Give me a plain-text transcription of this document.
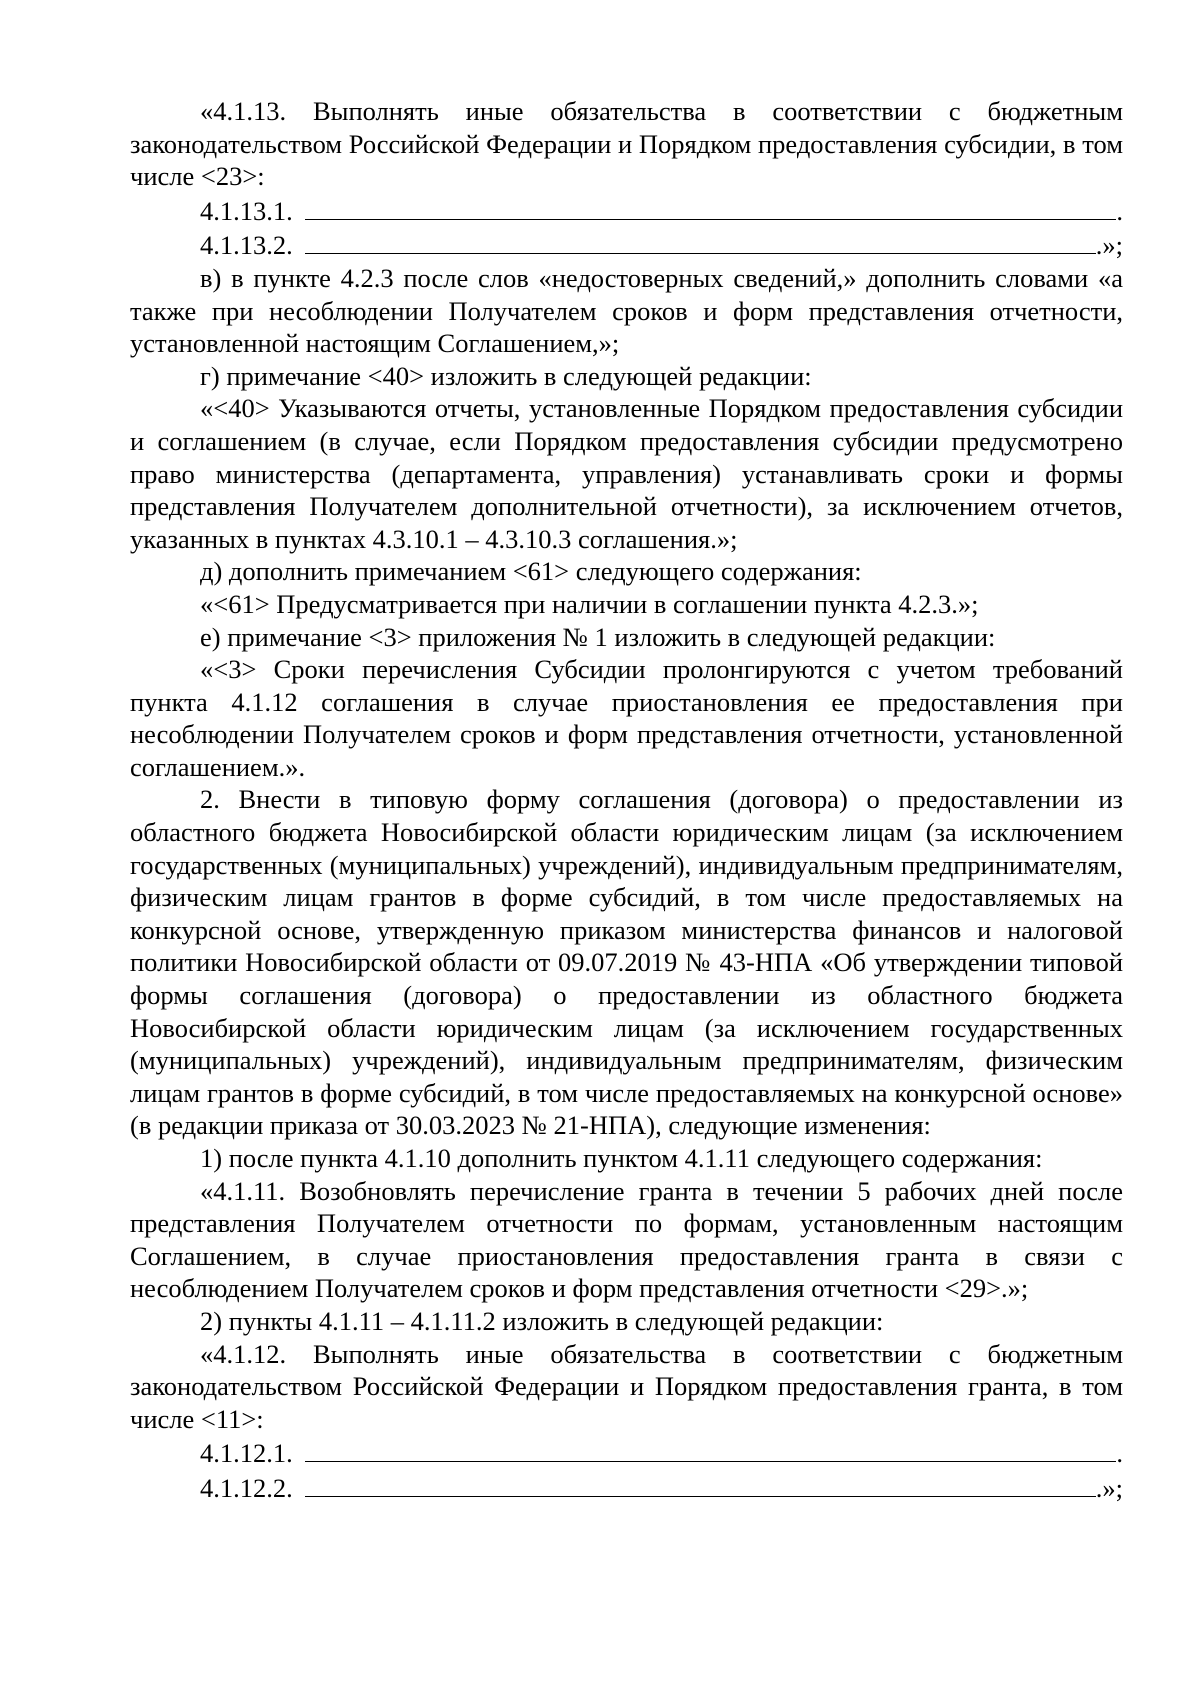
«4.1.13. Выполнять иные обязательства в соответствии с бюджетным законодательством Российской Федерации и Порядком предоставления субсидии, в том числе <23>:

4.1.13.1.	.
4.1.13.2.	.»;

в) в пункте 4.2.3 после слов «недостоверных сведений,» дополнить словами «а также при несоблюдении Получателем сроков и форм представления отчетности, установленной настоящим Соглашением,»;

г) примечание <40> изложить в следующей редакции:

«<40> Указываются отчеты, установленные Порядком предоставления субсидии и соглашением (в случае, если Порядком предоставления субсидии предусмотрено право министерства (департамента, управления) устанавливать сроки и формы представления Получателем дополнительной отчетности), за исключением отчетов, указанных в пунктах 4.3.10.1 – 4.3.10.3 соглашения.»;

д) дополнить примечанием <61> следующего содержания:

«<61> Предусматривается при наличии в соглашении пункта 4.2.3.»;

е) примечание <3> приложения № 1 изложить в следующей редакции:

«<3> Сроки перечисления Субсидии пролонгируются с учетом требований пункта 4.1.12 соглашения в случае приостановления ее предоставления при несоблюдении Получателем сроков и форм представления отчетности, установленной соглашением.».

2. Внести в типовую форму соглашения (договора) о предоставлении из областного бюджета Новосибирской области юридическим лицам (за исключением государственных (муниципальных) учреждений), индивидуальным предпринимателям, физическим лицам грантов в форме субсидий, в том числе предоставляемых на конкурсной основе, утвержденную приказом министерства финансов и налоговой политики Новосибирской области от 09.07.2019 № 43-НПА «Об утверждении типовой формы соглашения (договора) о предоставлении из областного бюджета Новосибирской области юридическим лицам (за исключением государственных (муниципальных) учреждений), индивидуальным предпринимателям, физическим лицам грантов в форме субсидий, в том числе предоставляемых на конкурсной основе» (в редакции приказа от 30.03.2023 № 21-НПА), следующие изменения:

1) после пункта 4.1.10 дополнить пунктом 4.1.11 следующего содержания:

«4.1.11. Возобновлять перечисление гранта в течении 5 рабочих дней после представления Получателем отчетности по формам, установленным настоящим Соглашением, в случае приостановления предоставления гранта в связи с несоблюдением Получателем сроков и форм представления отчетности <29>.»;

2) пункты 4.1.11 – 4.1.11.2 изложить в следующей редакции:

«4.1.12. Выполнять иные обязательства в соответствии с бюджетным законодательством Российской Федерации и Порядком предоставления гранта, в том числе <11>:

4.1.12.1.	.
4.1.12.2.	.»;
